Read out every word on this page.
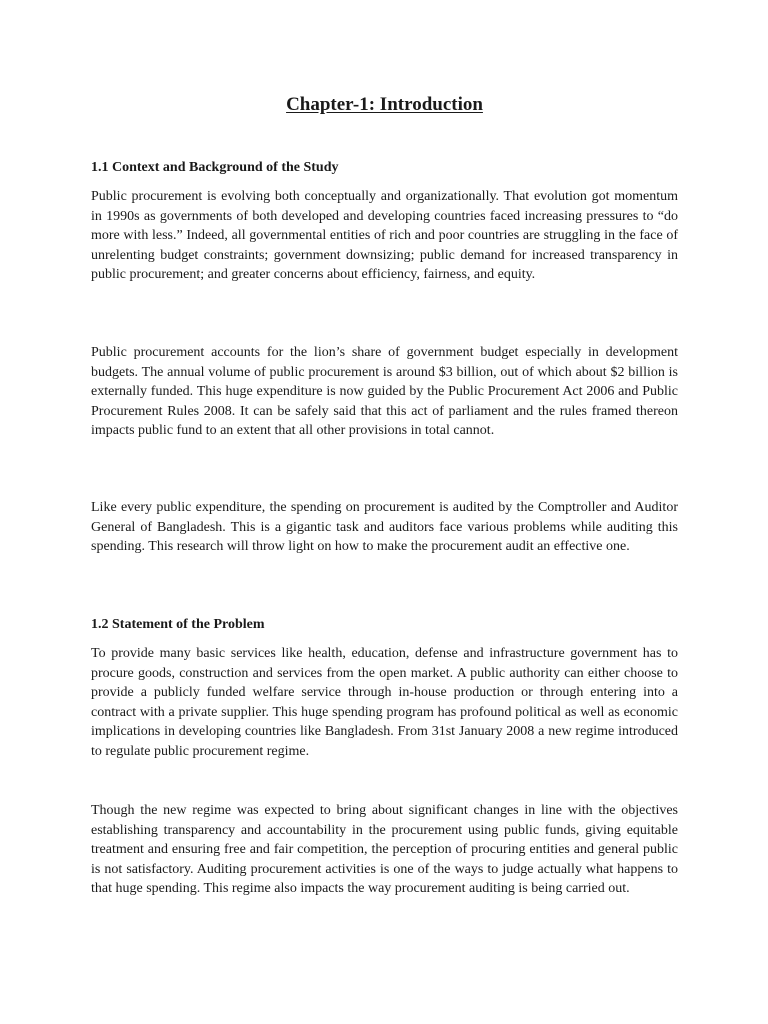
Chapter-1: Introduction
1.1 Context and Background of the Study

Public procurement is evolving both conceptually and organizationally. That evolution got momentum in 1990s as governments of both developed and developing countries faced increasing pressures to “do more with less.” Indeed, all governmental entities of rich and poor countries are struggling in the face of unrelenting budget constraints; government downsizing; public demand for increased transparency in public procurement; and greater concerns about efficiency, fairness, and equity.

Public procurement accounts for the lion’s share of government budget especially in development budgets. The annual volume of public procurement is around $3 billion, out of which about $2 billion is externally funded. This huge expenditure is now guided by the Public Procurement Act 2006 and Public Procurement Rules 2008. It can be safely said that this act of parliament and the rules framed thereon impacts public fund to an extent that all other provisions in total cannot.

Like every public expenditure, the spending on procurement is audited by the Comptroller and Auditor General of Bangladesh. This is a gigantic task and auditors face various problems while auditing this spending. This research will throw light on how to make the procurement audit an effective one.

1.2 Statement of the Problem

To provide many basic services like health, education, defense and infrastructure government has to procure goods, construction and services from the open market. A public authority can either choose to provide a publicly funded welfare service through in-house production or through entering into a contract with a private supplier. This huge spending program has profound political as well as economic implications in developing countries like Bangladesh. From 31st January 2008 a new regime introduced to regulate public procurement regime.

Though the new regime was expected to bring about significant changes in line with the objectives establishing transparency and accountability in the procurement using public funds, giving equitable treatment and ensuring free and fair competition, the perception of procuring entities and general public is not satisfactory. Auditing procurement activities is one of the ways to judge actually what happens to that huge spending. This regime also impacts the way procurement auditing is being carried out.
